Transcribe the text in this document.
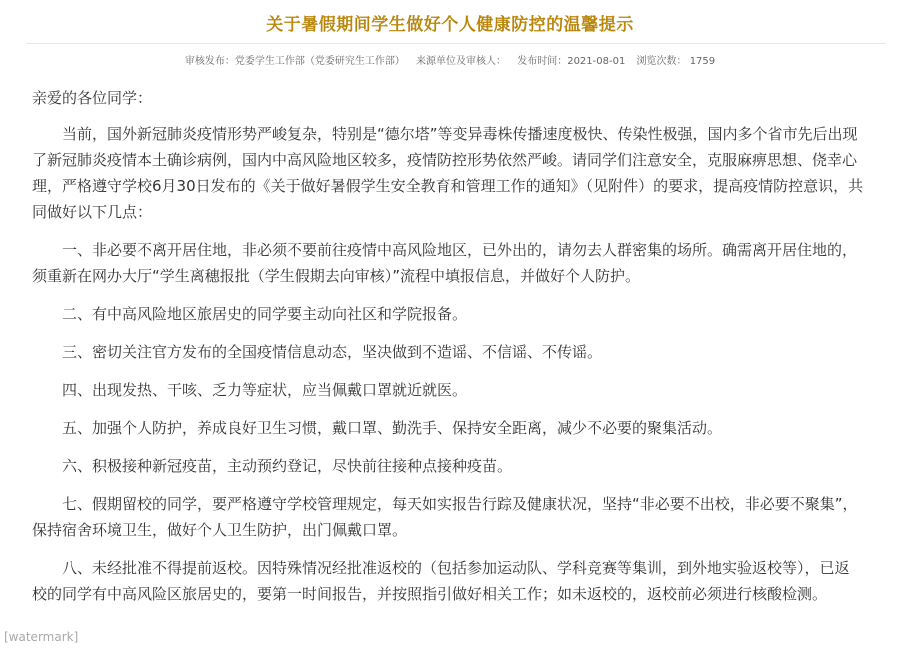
关于暑假期间学生做好个人健康防控的温馨提示
审核发布：党委学生工作部（党委研究生工作部） 来源单位及审核人： 发布时间：2021-08-01 浏览次数： 1759

亲爱的各位同学：

当前，国外新冠肺炎疫情形势严峻复杂，特别是“德尔塔”等变异毒株传播速度极快、传染性极强，国内多个省市先后出现了新冠肺炎疫情本土确诊病例，国内中高风险地区较多，疫情防控形势依然严峻。请同学们注意安全，克服麻痹思想、侥幸心理，严格遵守学校6月30日发布的《关于做好暑假学生安全教育和管理工作的通知》（见附件）的要求，提高疫情防控意识，共同做好以下几点：

一、非必要不离开居住地，非必须不要前往疫情中高风险地区，已外出的，请勿去人群密集的场所。确需离开居住地的，须重新在网办大厅“学生离穗报批（学生假期去向审核）”流程中填报信息，并做好个人防护。

二、有中高风险地区旅居史的同学要主动向社区和学院报备。

三、密切关注官方发布的全国疫情信息动态，坚决做到不造谣、不信谣、不传谣。

四、出现发热、干咳、乏力等症状，应当佩戴口罩就近就医。

五、加强个人防护，养成良好卫生习惯，戴口罩、勤洗手、保持安全距离，减少不必要的聚集活动。

六、积极接种新冠疫苗，主动预约登记，尽快前往接种点接种疫苗。

七、假期留校的同学，要严格遵守学校管理规定，每天如实报告行踪及健康状况，坚持“非必要不出校，非必要不聚集”，保持宿舍环境卫生，做好个人卫生防护，出门佩戴口罩。

八、未经批准不得提前返校。因特殊情况经批准返校的（包括参加运动队、学科竞赛等集训，到外地实验返校等），已返校的同学有中高风险区旅居史的，要第一时间报告，并按照指引做好相关工作；如未返校的，返校前必须进行核酸检测。

[watermark]
